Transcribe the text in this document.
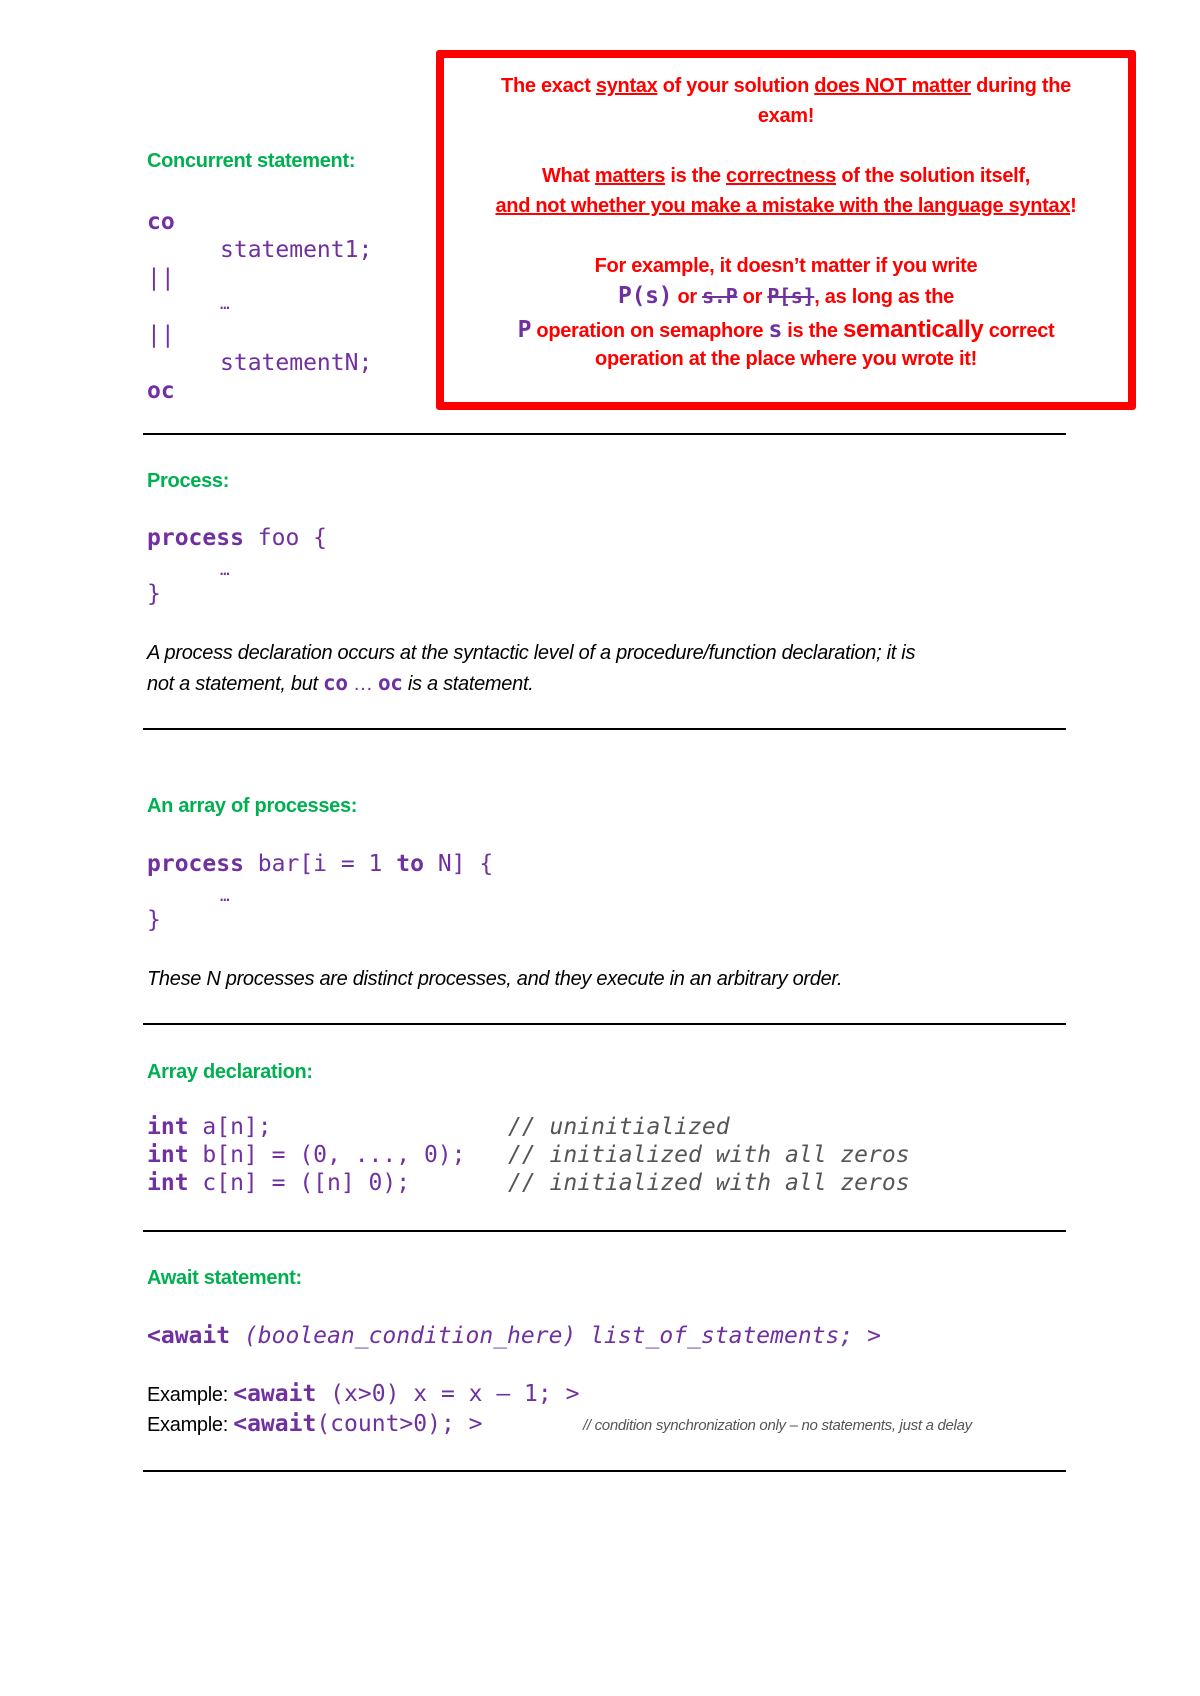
The exact syntax of your solution does NOT matter during the
exam!
What matters is the correctness of the solution itself,
and not whether you make a mistake with the language syntax!
For example, it doesn’t matter if you write
P(s) or s.P or P[s], as long as the
P operation on semaphore s is the semantically correct
operation at the place where you wrote it!
Concurrent statement:
co
statement1;
||
…
||
statementN;
oc
Process:
process foo {
…
}
A process declaration occurs at the syntactic level of a procedure/function declaration; it is
not a statement, but co … oc is a statement.
An array of processes:
process bar[i = 1 to N] {
…
}
These N processes are distinct processes, and they execute in an arbitrary order.
Array declaration:
int a[n];	// uninitialized
int b[n] = (0, ..., 0); // initialized with all zeros
int c[n] = ([n] 0);	// initialized with all zeros
Await statement:
<await (boolean_condition_here) list_of_statements; >
Example: <await (x>0) x = x – 1; >
Example: <await(count>0); >	// condition synchronization only – no statements, just a delay
